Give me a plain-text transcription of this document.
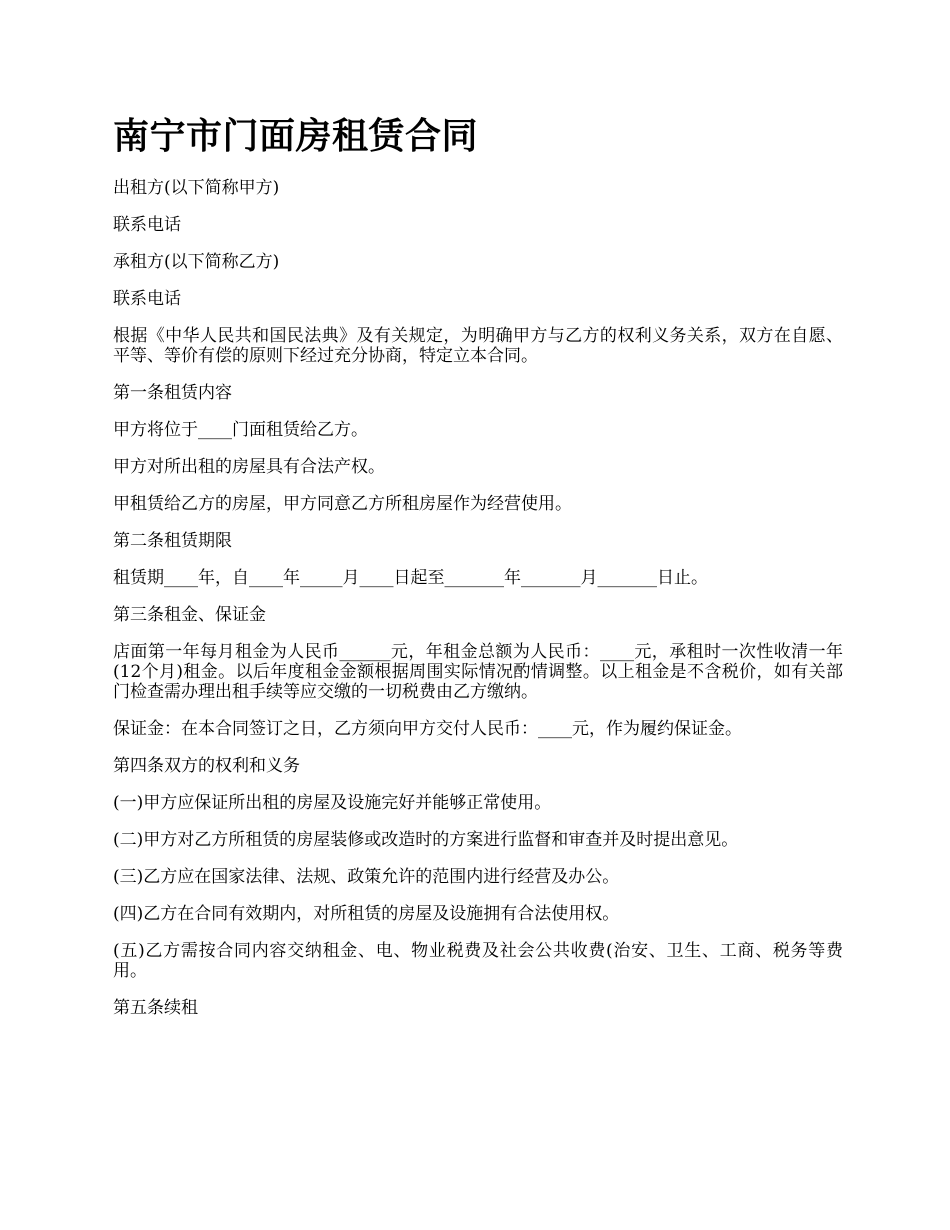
南宁市门面房租赁合同

出租方(以下简称甲方)

联系电话

承租方(以下简称乙方)

联系电话

根据《中华人民共和国民法典》及有关规定，为明确甲方与乙方的权利义务关系，双方在自愿、平等、等价有偿的原则下经过充分协商，特定立本合同。

第一条租赁内容

甲方将位于____门面租赁给乙方。

甲方对所出租的房屋具有合法产权。

甲租赁给乙方的房屋，甲方同意乙方所租房屋作为经营使用。

第二条租赁期限

租赁期____年，自____年_____月____日起至_______年_______月_______日止。

第三条租金、保证金

店面第一年每月租金为人民币______元，年租金总额为人民币：____元，承租时一次性收清一年(12个月)租金。以后年度租金金额根据周围实际情况酌情调整。以上租金是不含税价，如有关部门检查需办理出租手续等应交缴的一切税费由乙方缴纳。

保证金：在本合同签订之日，乙方须向甲方交付人民币：____元，作为履约保证金。

第四条双方的权利和义务

(一)甲方应保证所出租的房屋及设施完好并能够正常使用。

(二)甲方对乙方所租赁的房屋装修或改造时的方案进行监督和审查并及时提出意见。

(三)乙方应在国家法律、法规、政策允许的范围内进行经营及办公。

(四)乙方在合同有效期内，对所租赁的房屋及设施拥有合法使用权。

(五)乙方需按合同内容交纳租金、电、物业税费及社会公共收费(治安、卫生、工商、税务等费用。

第五条续租
